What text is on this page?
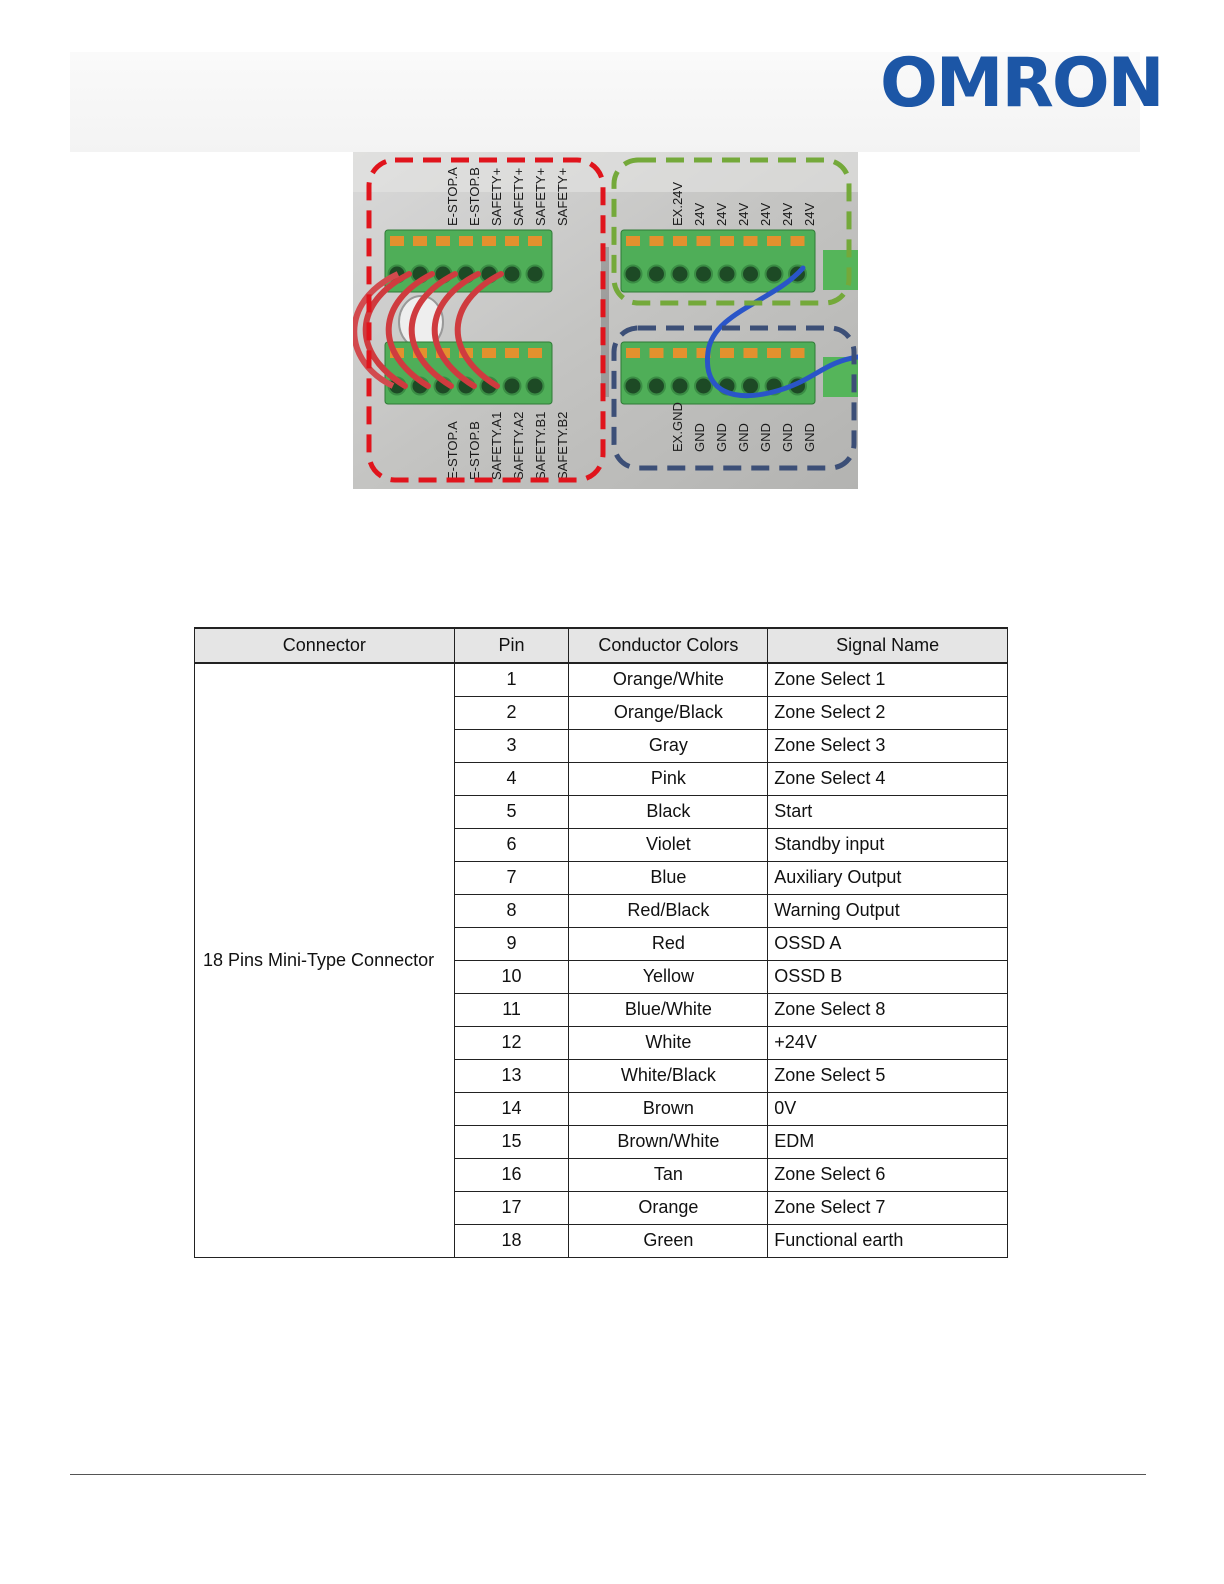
OMRON
E-STOP.A E-STOP.B SAFETY+ SAFETY+ SAFETY+ SAFETY+
E-STOP.A E-STOP.B SAFETY.A1 SAFETY.A2 SAFETY.B1 SAFETY.B2
EX.24V 24V 24V 24V 24V 24V 24V
EX.GND GND GND GND GND GND GND
Connector	Pin	Conductor Colors	Signal Name
18 Pins Mini-Type Connector	1	Orange/White	Zone Select 1
	2	Orange/Black	Zone Select 2
	3	Gray	Zone Select 3
	4	Pink	Zone Select 4
	5	Black	Start
	6	Violet	Standby input
	7	Blue	Auxiliary Output
	8	Red/Black	Warning Output
	9	Red	OSSD A
	10	Yellow	OSSD B
	11	Blue/White	Zone Select 8
	12	White	+24V
	13	White/Black	Zone Select 5
	14	Brown	0V
	15	Brown/White	EDM
	16	Tan	Zone Select 6
	17	Orange	Zone Select 7
	18	Green	Functional earth
